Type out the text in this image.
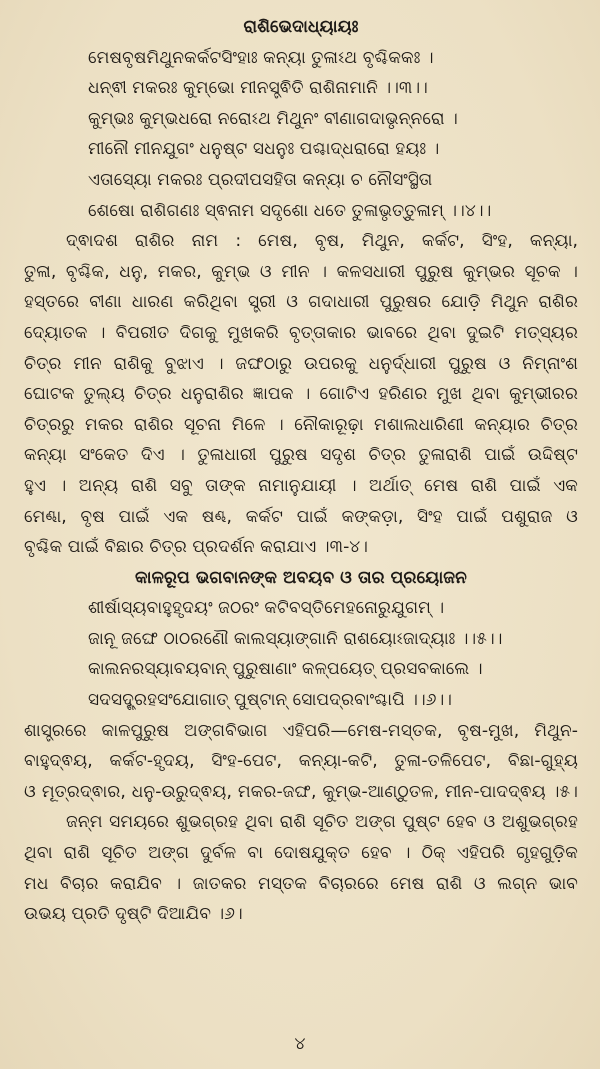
ରାଶିଭେଦାଧ୍ୟାୟଃ
ମେଷବୃଷମିଥୁନକର୍କଟସିଂହାଃ କନ୍ୟା ତୁଳାଽଥ ବୃଶ୍ଚିକକଃ ।
ଧନ୍ଵୀ ମକରଃ କୁମ୍ଭୋ ମୀନସ୍ତ୍ଵିତି ରାଶିନାମାନି ।।୩।।
କୁମ୍ଭଃ କୁମ୍ଭଧରୋ ନରୋଽଥ ମିଥୁନଂ ବୀଣାଗଦାଭୃନ୍ନରୋ ।
ମୀନୌ ମୀନଯୁଗଂ ଧନୁଷ୍ଟ ସଧନୁଃ ପଶ୍ଚାଦ୍ଧରାରୋ ହୟଃ ।
ଏତାସ୍ୟୋ ମକରଃ ପ୍ରଦୀପସହିତା କନ୍ୟା ଚ ନୌସଂସ୍ଥିତା
ଶେଷୋ ରାଶିଗଣଃ ସ୍ଵନାମ ସଦୃଶୋ ଧତେ ତୁଳାଭୃତ୍ତୁଳାମ୍ ।।୪।।
ଦ୍ଵାଦଶ ରାଶିର ନାମ : ମେଷ, ବୃଷ, ମିଥୁନ, କର୍କଟ, ସିଂହ, କନ୍ୟା,
ତୁଳା, ବୃଶ୍ଚିକ, ଧନୁ, ମକର, କୁମ୍ଭ ଓ ମୀନ । କଳସଧାରୀ ପୁରୁଷ କୁମ୍ଭର ସୂଚକ ।
ହସ୍ତରେ ବୀଣା ଧାରଣ କରିଥିବା ସ୍ତ୍ରୀ ଓ ଗଦାଧାରୀ ପୁରୁଷର ଯୋଡ଼ି ମିଥୁନ ରାଶିର
ଦ୍ୟୋତକ । ବିପରୀତ ଦିଗକୁ ମୁଖକରି ବୃତ୍ତାକାର ଭାବରେ ଥିବା ଦୁଇଟି ମତ୍ସ୍ୟର
ଚିତ୍ର ମୀନ ରାଶିକୁ ବୁଝାଏ । ଜଙ୍ଘଠାରୁ ଉପରକୁ ଧନୁର୍ଦ୍ଧାରୀ ପୁରୁଷ ଓ ନିମ୍ନାଂଶ
ଘୋଟକ ତୁଲ୍ୟ ଚିତ୍ର ଧନୁରାଶିର ଜ୍ଞାପକ । ଗୋଟିଏ ହରିଣର ମୁଖ ଥିବା କୁମ୍ଭୀରର
ଚିତ୍ରରୁ ମକର ରାଶିର ସୂଚନା ମିଳେ । ନୌକାରୂଢ଼ା ମଶାଲଧାରିଣୀ କନ୍ୟାର ଚିତ୍ର
କନ୍ୟା ସଂକେତ ଦିଏ । ତୁଳାଧାରୀ ପୁରୁଷ ସଦୃଶ ଚିତ୍ର ତୁଳାରାଶି ପାଇଁ ଉଦ୍ଦିଷ୍ଟ
ହୁଏ । ଅନ୍ୟ ରାଶି ସବୁ ତାଙ୍କ ନାମାନୁଯାୟୀ । ଅର୍ଥାତ୍ ମେଷ ରାଶି ପାଇଁ ଏକ
ମେଣ୍ଢା, ବୃଷ ପାଇଁ ଏକ ଷଣ୍ଢ, କର୍କଟ ପାଇଁ କଙ୍କଡ଼ା, ସିଂହ ପାଇଁ ପଶୁରାଜ ଓ
ବୃଶ୍ଚିକ ପାଇଁ ବିଛାର ଚିତ୍ର ପ୍ରଦର୍ଶନ କରାଯାଏ ।୩-୪।
କାଳରୂପ ଭଗବାନଙ୍କ ଅବୟବ ଓ ତାର ପ୍ରୟୋଜନ
ଶୀର୍ଷାସ୍ୟବାହୁହୃଦୟଂ ଜଠରଂ କଟିବସ୍ତିମେହନୋରୁଯୁଗମ୍ ।
ଜାନୂ ଜଙ୍ଘେ ଠାଠରଣୌ କାଲସ୍ୟାଙ୍ଗାନି ରାଶୟୋଽଜାଦ୍ୟାଃ ।।୫।।
କାଲନରସ୍ୟାବୟବାନ୍ ପୁରୁଷାଣାଂ କଳ୍ପୟେତ୍ ପ୍ରସବକାଲେ ।
ସଦସଦ୍ଗ୍ରହସଂଯୋଗାତ୍ ପୁଷ୍ଟାନ୍ ସୋପଦ୍ରବାଂଶ୍ଚାପି ।।୬।।
ଶାସ୍ତ୍ରରେ କାଳପୁରୁଷ ଅଙ୍ଗବିଭାଗ ଏହିପରି—ମେଷ-ମସ୍ତକ, ବୃଷ-ମୁଖ, ମିଥୁନ-
ବାହୁଦ୍ଵୟ, କର୍କଟ-ହୃଦୟ, ସିଂହ-ପେଟ, କନ୍ୟା-କଟି, ତୁଳା-ତଳିପେଟ, ବିଛା-ଗୁହ୍ୟ
ଓ ମୂତ୍ରଦ୍ଵାର, ଧନୁ-ଉରୁଦ୍ଵୟ, ମକର-ଜଙ୍ଘ, କୁମ୍ଭ-ଆଣ୍ଠୁତଳ, ମୀନ-ପାଦଦ୍ଵୟ ।୫।
ଜନ୍ମ ସମୟରେ ଶୁଭଗ୍ରହ ଥିବା ରାଶି ସୂଚିତ ଅଙ୍ଗ ପୁଷ୍ଟ ହେବ ଓ ଅଶୁଭଗ୍ରହ
ଥିବା ରାଶି ସୂଚିତ ଅଙ୍ଗ ଦୁର୍ବଳ ବା ଦୋଷଯୁକ୍ତ ହେବ । ଠିକ୍ ଏହିପରି ଗୃହଗୁଡ଼ିକ
ମଧ ବିଚାର କରାଯିବ । ଜାତକର ମସ୍ତକ ବିଚାରରେ ମେଷ ରାଶି ଓ ଲଗ୍ନ ଭାବ
ଉଭୟ ପ୍ରତି ଦୃଷ୍ଟି ଦିଆଯିବ ।୬।
୪
